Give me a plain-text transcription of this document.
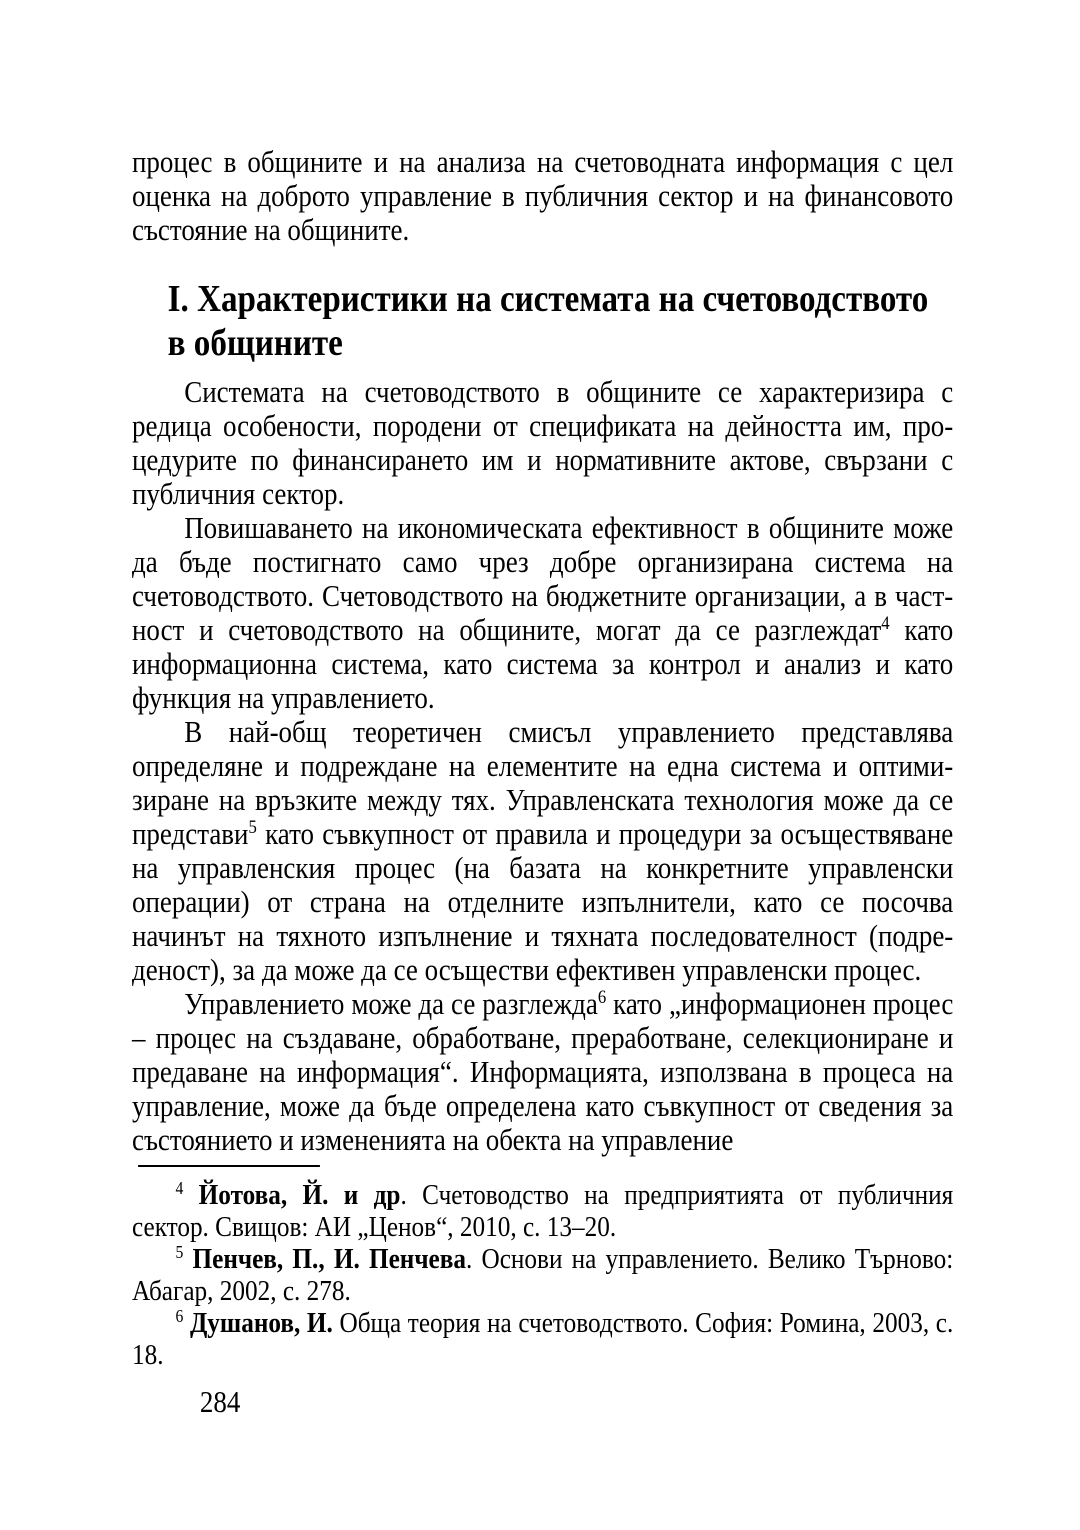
процес в общините и на анализа на счетоводната информация с цел оценка на доброто управление в публичния сектор и на финансовото състояние на общините.

I. Характеристики на системата на счетоводството в общините

Системата на счетоводството в общините се характеризира с редица особености, породени от спецификата на дейността им, процедурите по финансирането им и нормативните актове, свързани с публичния сектор.

Повишаването на икономическата ефективност в общините може да бъде постигнато само чрез добре организирана система на счетоводството. Счетоводството на бюджетните организации, а в частност и счетоводството на общините, могат да се разглеждат$^4$ като информационна система, като система за контрол и анализ и като функция на управлението.

В най-общ теоретичен смисъл управлението представлява определяне и подреждане на елементите на една система и оптимизиране на връзките между тях. Управленската технология може да се представи$^5$ като съвкупност от правила и процедури за осъществяване на управленския процес (на базата на конкретните управленски операции) от страна на отделните изпълнители, като се посочва начинът на тяхното изпълнение и тяхната последователност (подреденост), за да може да се осъществи ефективен управленски процес.

Управлението може да се разглежда$^6$ като „информационен процес – процес на създаване, обработване, преработване, селекциониране и предаване на информация“. Информацията, използвана в процеса на управление, може да бъде определена като съвкупност от сведения за състоянието и измененията на обекта на управление

$^4$ Йотова, Й. и др. Счетоводство на предприятията от публичния сектор. Свищов: АИ „Ценов“, 2010, с. 13–20.

$^5$ Пенчев, П., И. Пенчева. Основи на управлението. Велико Търново: Абагар, 2002, с. 278.

$^6$ Душанов, И. Обща теория на счетоводството. София: Ромина, 2003, с. 18.

284
